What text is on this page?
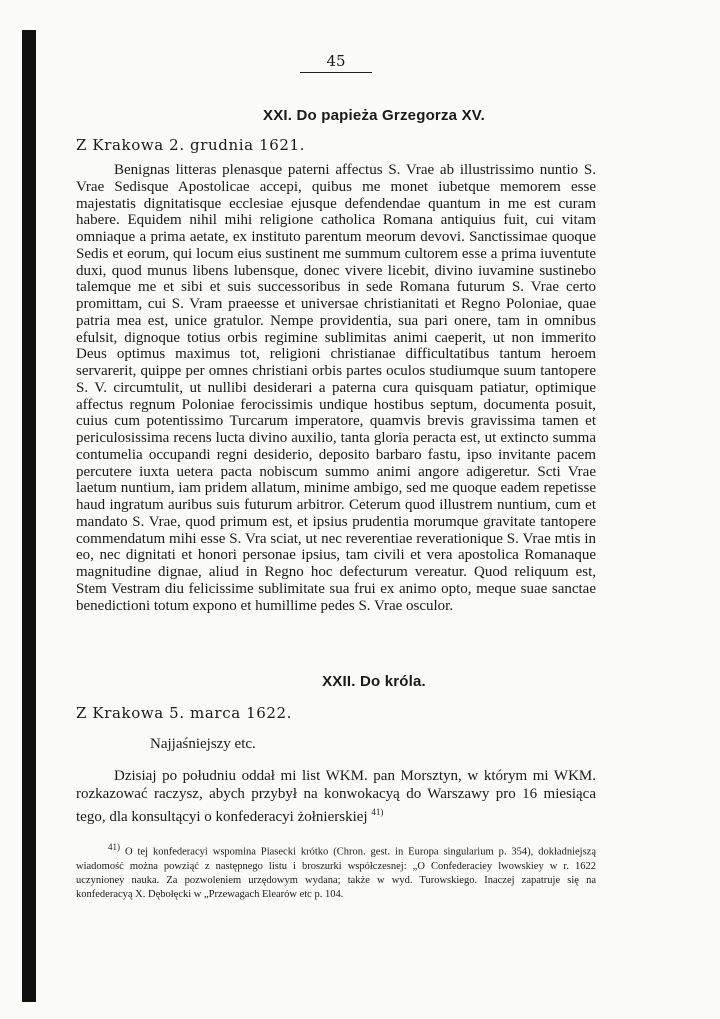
45
XXI. Do papieża Grzegorza XV.
Z Krakowa 2. grudnia 1621.

Benignas litteras plenasque paterni affectus S. Vrae ab illustrissimo nuntio S. Vrae Sedisque Apostolicae accepi, quibus me monet iubetque memorem esse majestatis dignitatisque ecclesiae ejusque defendendae quantum in me est curam habere. Equidem nihil mihi religione catholica Romana antiquius fuit, cui vitam omniaque a prima aetate, ex instituto parentum meorum devovi. Sanctissimae quoque Sedis et eorum, qui locum eius sustinent me summum cultorem esse a prima iuventute duxi, quod munus libens lubensque, donec vivere licebit, divino iuvamine sustinebo talemque me et sibi et suis successoribus in sede Romana futurum S. Vrae certo promittam, cui S. Vram praeesse et universae christianitati et Regno Poloniae, quae patria mea est, unice gratulor. Nempe providentia, sua pari onere, tam in omnibus efulsit, dignoque totius orbis regimine sublimitas animi caeperit, ut non immerito Deus optimus maximus tot, religioni christianae difficultatibus tantum heroem servarerit, quippe per omnes christiani orbis partes oculos studiumque suum tantopere S. V. circumtulit, ut nullibi desiderari a paterna cura quisquam patiatur, optimique affectus regnum Poloniae ferocissimis undique hostibus septum, documenta posuit, cuius cum potentissimo Turcarum imperatore, quamvis brevis gravissima tamen et periculosissima recens lucta divino auxilio, tanta gloria peracta est, ut extincto summa contumelia occupandi regni desiderio, deposito barbaro fastu, ipso invitante pacem percutere iuxta uetera pacta nobiscum summo animi angore adigeretur. Scti Vrae laetum nuntium, iam pridem allatum, minime ambigo, sed me quoque eadem repetisse haud ingratum auribus suis futurum arbitror. Ceterum quod illustrem nuntium, cum et mandato S. Vrae, quod primum est, et ipsius prudentia morumque gravitate tantopere commendatum mihi esse S. Vra sciat, ut nec reverentiae reverationique S. Vrae mtis in eo, nec dignitati et honori personae ipsius, tam civili et vera apostolica Romanaque magnitudine dignae, aliud in Regno hoc defecturum vereatur. Quod reliquum est, Stem Vestram diu felicissime sublimitate sua frui ex animo opto, meque suae sanctae benedictioni totum expono et humillime pedes S. Vrae osculor.

XXII. Do króla.
Z Krakowa 5. marca 1622.
Najjaśniejszy etc.

Dzisiaj po południu oddał mi list WKM. pan Morsztyn, w którym mi WKM. rozkazować raczysz, abych przybył na konwokacyą do Warszawy pro 16 miesiąca tego, dla konsultącyi o konfederacyi żołnierskiej $^{41)}$

$^{41)}$ O tej konfederacyi wspomina Piasecki krótko (Chron. gest. in Europa singularium p. 354), dokładniejszą wiadomość można powziąć z następnego listu i broszurki współczesnej: „O Confederaciey lwowskiey w r. 1622 uczynioney nauka. Za pozwoleniem urzędowym wydana; także w wyd. Turowskiego. Inaczej zapatruje się na konfederacyą X. Dębołęcki w „Przewagach Elearów etc p. 104.
